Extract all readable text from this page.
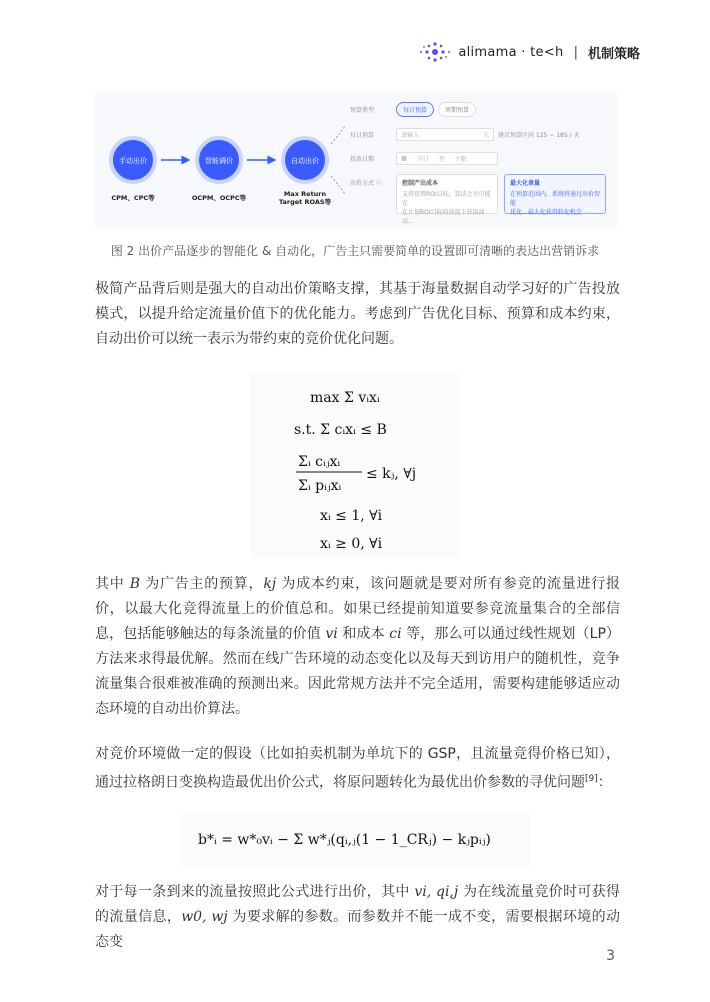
alimama · te<h | 机制策略
手动出价
CPM、CPC等
智能调价
OCPM、OCPC等
自动出价
Max Return
Target ROAS等
预算类型	每日预算	周期预算
每日预算	请输入	元 建议预算区间 125 ~ 185 / 天
投放日期	▦ 今日 至 不限
出价方式 ⓘ	控制产出成本
支持设置ROI目标，算法会尽可能在
在计划ROI目标的前提下获取商品...
最大化拿量
在预算范围内，系统将通过出价智能
优化...最大化获得转化机会
图 2 出价产品逐步的智能化 & 自动化，广告主只需要简单的设置即可清晰的表达出营销诉求

极简产品背后则是强大的自动出价策略支撑，其基于海量数据自动学习好的广告投放模式，以提升给定流量价值下的优化能力。考虑到广告优化目标、预算和成本约束，自动出价可以统一表示为带约束的竞价优化问题。

max Σ vᵢxᵢ
s.t. Σ cᵢxᵢ ≤ B
Σᵢ cᵢⱼxᵢ
Σᵢ pᵢⱼxᵢ
≤ kⱼ, ∀j
xᵢ ≤ 1, ∀i
xᵢ ≥ 0, ∀i

其中 B 为广告主的预算，kj 为成本约束，该问题就是要对所有参竞的流量进行报价，以最大化竞得流量上的价值总和。如果已经提前知道要参竞流量集合的全部信息，包括能够触达的每条流量的价值 vi 和成本 ci 等，那么可以通过线性规划（LP）方法来求得最优解。然而在线广告环境的动态变化以及每天到访用户的随机性，竞争流量集合很难被准确的预测出来。因此常规方法并不完全适用，需要构建能够适应动态环境的自动出价算法。

对竞价环境做一定的假设（比如拍卖机制为单坑下的 GSP，且流量竞得价格已知），通过拉格朗日变换构造最优出价公式，将原问题转化为最优出价参数的寻优问题[9]：

b*ᵢ = w*₀vᵢ − Σ w*ⱼ(qᵢ,ⱼ(1 − 1_CRⱼ) − kⱼpᵢⱼ)

对于每一条到来的流量按照此公式进行出价，其中 vi, qi,j 为在线流量竞价时可获得的流量信息，w0, wj 为要求解的参数。而参数并不能一成不变，需要根据环境的动态变

3
